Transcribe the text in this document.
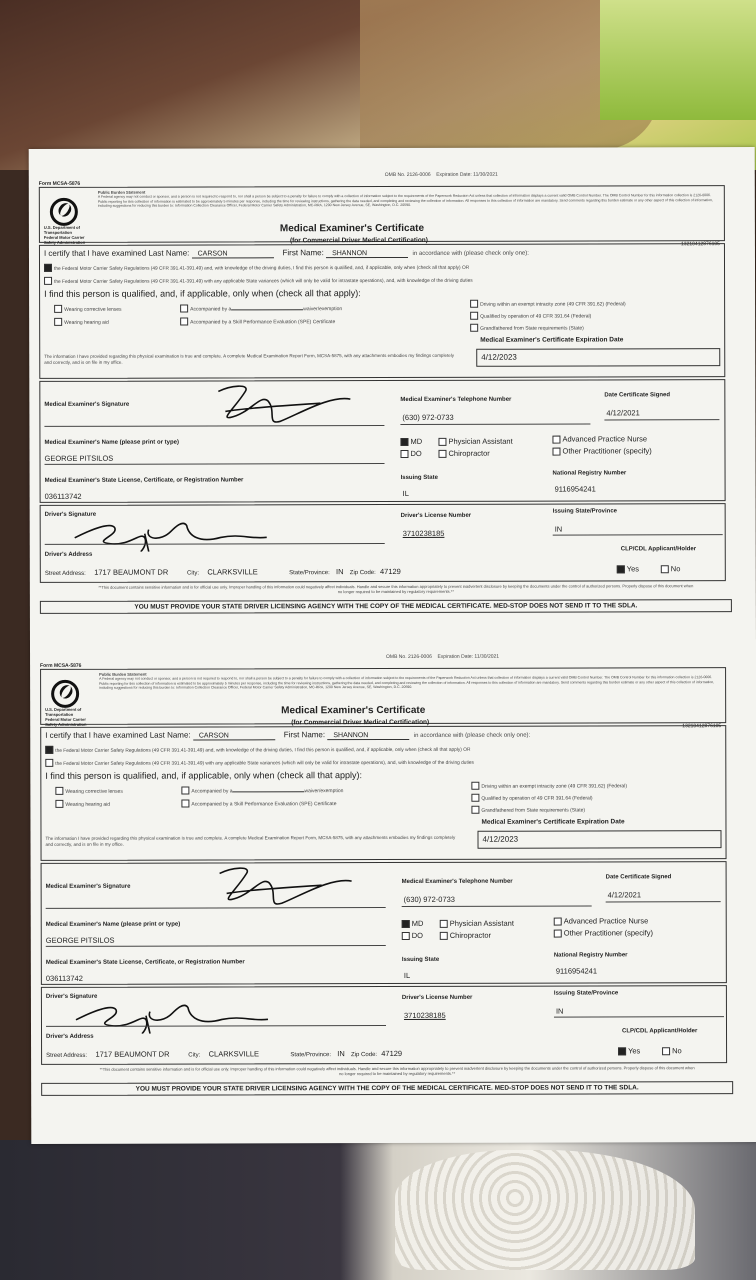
Form MCSA-5876
OMB No. 2126-0006 Expiration Date: 11/30/2021
U.S. Department of Transportation
Federal Motor Carrier
Safety Administration
Public Burden Statement
A Federal agency may not conduct or sponsor, and a person is not required to respond to, nor shall a person be subject to a penalty for failure to comply with a collection of information subject to the requirements of the Paperwork Reduction Act unless that collection of information displays a current valid OMB Control Number. The OMB Control Number for this information collection is 2126-0006. Public reporting for this collection of information is estimated to be approximately 5 minutes per response, including the time for reviewing instructions, gathering the data needed, and completing and reviewing the collection of information. All responses to this collection of information are mandatory. Send comments regarding this burden estimate or any other aspect of this collection of information, including suggestions for reducing this burden to: Information Collection Clearance Officer, Federal Motor Carrier Safety Administration, MC-RRA, 1200 New Jersey Avenue, SE, Washington, D.C. 20590.
Medical Examiner's Certificate
(for Commercial Driver Medical Certification)	13210412876105
I certify that I have examined Last Name: CARSON	First Name: SHANNON	in accordance with (please check only one):
the Federal Motor Carrier Safety Regulations (49 CFR 391.41-391.49) and, with knowledge of the driving duties, I find this person is qualified, and, if applicable, only when (check all that apply) OR
the Federal Motor Carrier Safety Regulations (49 CFR 391.41-391.49) with any applicable State variances (which will only be valid for intrastate operations), and, with knowledge of the driving duties
I find this person is qualified, and, if applicable, only when (check all that apply):
Wearing corrective lenses
Wearing hearing aid
Accompanied by a	waiver/exemption
Accompanied by a Skill Performance Evaluation (SPE) Certificate
Driving within an exempt intracity zone (49 CFR 391.62) (Federal)
Qualified by operation of 49 CFR 391.64 (Federal)
Grandfathered from State requirements (State)
Medical Examiner's Certificate Expiration Date
The information I have provided regarding this physical examination is true and complete. A complete Medical Examination Report Form, MCSA-5875, with any attachments embodies my findings completely and correctly, and is on file in my office.
4/12/2023
Medical Examiner's Signature
Medical Examiner's Telephone Number
(630) 972-0733
Date Certificate Signed
4/12/2021
Medical Examiner's Name (please print or type)
GEORGE PITSILOS
MD
DO
Physician Assistant
Chiropractor
Advanced Practice Nurse
Other Practitioner (specify)
Medical Examiner's State License, Certificate, or Registration Number
036113742
Issuing State
IL
National Registry Number
9116954241
Driver's Signature
Driver's Address
Driver's License Number
3710238185
Issuing State/Province
IN
CLP/CDL Applicant/Holder
Street Address: 1717 BEAUMONT DR	City: CLARKSVILLE	State/Province: IN Zip Code: 47129	Yes	No
**This document contains sensitive information and is for official use only. Improper handling of this information could negatively affect individuals. Handle and secure this information appropriately to prevent inadvertent disclosure by keeping the documents under the control of authorized persons. Properly dispose of this document when no longer required to be maintained by regulatory requirements.**
YOU MUST PROVIDE YOUR STATE DRIVER LICENSING AGENCY WITH THE COPY OF THE MEDICAL CERTIFICATE. MED-STOP DOES NOT SEND IT TO THE SDLA.
Form MCSA-5876
OMB No. 2126-0006 Expiration Date: 11/30/2021
U.S. Department of Transportation
Federal Motor Carrier
Safety Administration
Public Burden Statement
A Federal agency may not conduct or sponsor, and a person is not required to respond to, nor shall a person be subject to a penalty for failure to comply with a collection of information subject to the requirements of the Paperwork Reduction Act unless that collection of information displays a current valid OMB Control Number. The OMB Control Number for this information collection is 2126-0006. Public reporting for this collection of information is estimated to be approximately 5 minutes per response, including the time for reviewing instructions, gathering the data needed, and completing and reviewing the collection of information. All responses to this collection of information are mandatory. Send comments regarding this burden estimate or any other aspect of this collection of information, including suggestions for reducing this burden to: Information Collection Clearance Officer, Federal Motor Carrier Safety Administration, MC-RRA, 1200 New Jersey Avenue, SE, Washington, D.C. 20590.
Medical Examiner's Certificate
(for Commercial Driver Medical Certification)	13210412876105
I certify that I have examined Last Name: CARSON	First Name: SHANNON	in accordance with (please check only one):
the Federal Motor Carrier Safety Regulations (49 CFR 391.41-391.49) and, with knowledge of the driving duties, I find this person is qualified, and, if applicable, only when (check all that apply) OR
the Federal Motor Carrier Safety Regulations (49 CFR 391.41-391.49) with any applicable State variances (which will only be valid for intrastate operations), and, with knowledge of the driving duties
I find this person is qualified, and, if applicable, only when (check all that apply):
Wearing corrective lenses
Wearing hearing aid
Accompanied by a	waiver/exemption
Accompanied by a Skill Performance Evaluation (SPE) Certificate
Driving within an exempt intracity zone (49 CFR 391.62) (Federal)
Qualified by operation of 49 CFR 391.64 (Federal)
Grandfathered from State requirements (State)
Medical Examiner's Certificate Expiration Date
The information I have provided regarding this physical examination is true and complete. A complete Medical Examination Report Form, MCSA-5875, with any attachments embodies my findings completely and correctly, and is on file in my office.
4/12/2023
Medical Examiner's Signature
Medical Examiner's Telephone Number
(630) 972-0733
Date Certificate Signed
4/12/2021
Medical Examiner's Name (please print or type)
GEORGE PITSILOS
MD
DO
Physician Assistant
Chiropractor
Advanced Practice Nurse
Other Practitioner (specify)
Medical Examiner's State License, Certificate, or Registration Number
036113742
Issuing State
IL
National Registry Number
9116954241
Driver's Signature
Driver's Address
Driver's License Number
3710238185
Issuing State/Province
IN
CLP/CDL Applicant/Holder
Street Address: 1717 BEAUMONT DR	City: CLARKSVILLE	State/Province: IN Zip Code: 47129	Yes	No
**This document contains sensitive information and is for official use only. Improper handling of this information could negatively affect individuals. Handle and secure this information appropriately to prevent inadvertent disclosure by keeping the documents under the control of authorized persons. Properly dispose of this document when no longer required to be maintained by regulatory requirements.**
YOU MUST PROVIDE YOUR STATE DRIVER LICENSING AGENCY WITH THE COPY OF THE MEDICAL CERTIFICATE. MED-STOP DOES NOT SEND IT TO THE SDLA.
